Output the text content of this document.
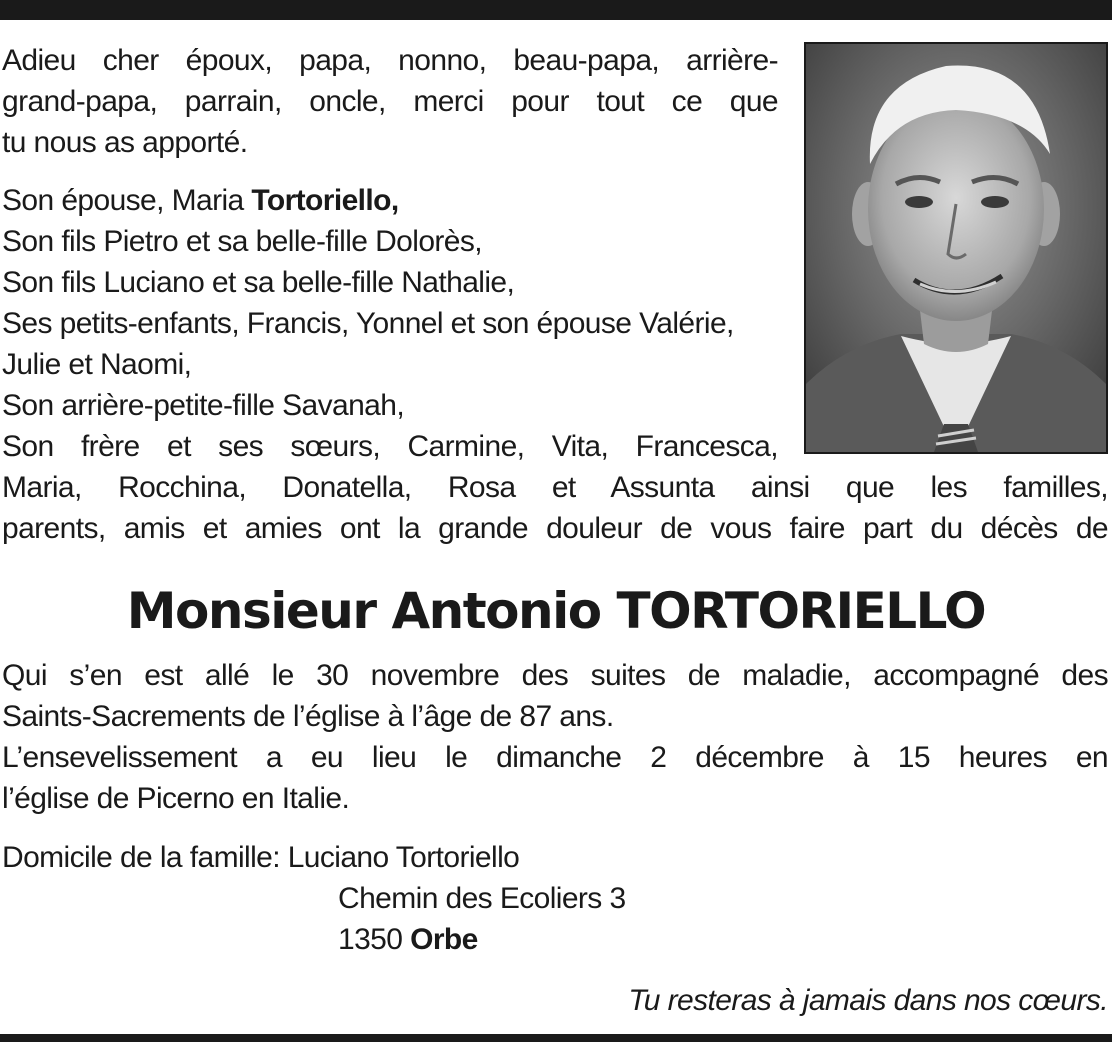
Adieu cher époux, papa, nonno, beau-papa, arrière-
grand-papa, parrain, oncle, merci pour tout ce que
tu nous as apporté.
Son épouse, Maria Tortoriello,
Son fils Pietro et sa belle-fille Dolorès,
Son fils Luciano et sa belle-fille Nathalie,
Ses petits-enfants, Francis, Yonnel et son épouse Valérie,
Julie et Naomi,
Son arrière-petite-fille Savanah,
Son frère et ses sœurs, Carmine, Vita, Francesca,
Maria, Rocchina, Donatella, Rosa et Assunta ainsi que les familles,
parents, amis et amies ont la grande douleur de vous faire part du décès de
Monsieur Antonio TORTORIELLO
Qui s’en est allé le 30 novembre des suites de maladie, accompagné des
Saints-Sacrements de l’église à l’âge de 87 ans.
L’ensevelissement a eu lieu le dimanche 2 décembre à 15 heures en
l’église de Picerno en Italie.
Domicile de la famille: Luciano Tortoriello
Chemin des Ecoliers 3
1350 Orbe
Tu resteras à jamais dans nos cœurs.
